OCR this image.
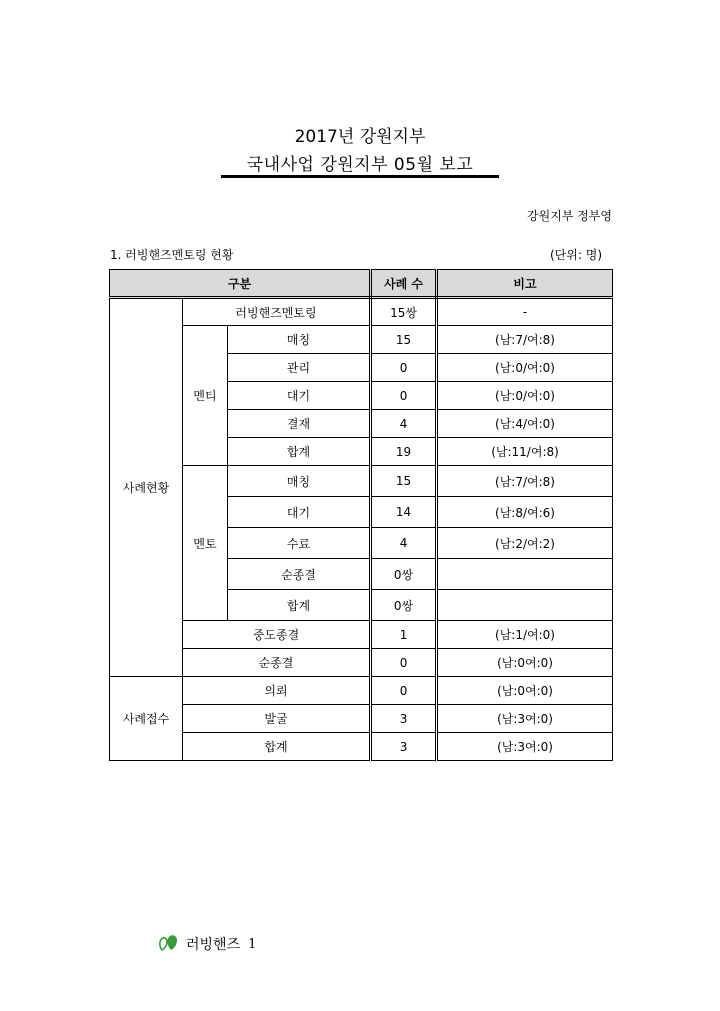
2017년 강원지부
국내사업 강원지부 05월 보고
강원지부 정부영
1. 러빙핸즈멘토링 현황	(단위: 명)
구분			사례 수	비고
사례현황	러빙핸즈멘토링		15쌍	-
	멘티	매칭	15	(남:7/여:8)
		관리	0	(남:0/여:0)
		대기	0	(남:0/여:0)
		결재	4	(남:4/여:0)
		합계	19	(남:11/여:8)
	멘토	매칭	15	(남:7/여:8)
		대기	14	(남:8/여:6)
		수료	4	(남:2/여:2)
		순종결	0쌍	
		합계	0쌍	
	중도종결		1	(남:1/여:0)
	순종결		0	(남:0여:0)
사례접수	의뢰		0	(남:0여:0)
	발굴		3	(남:3여:0)
	합계		3	(남:3여:0)
러빙핸즈 1
